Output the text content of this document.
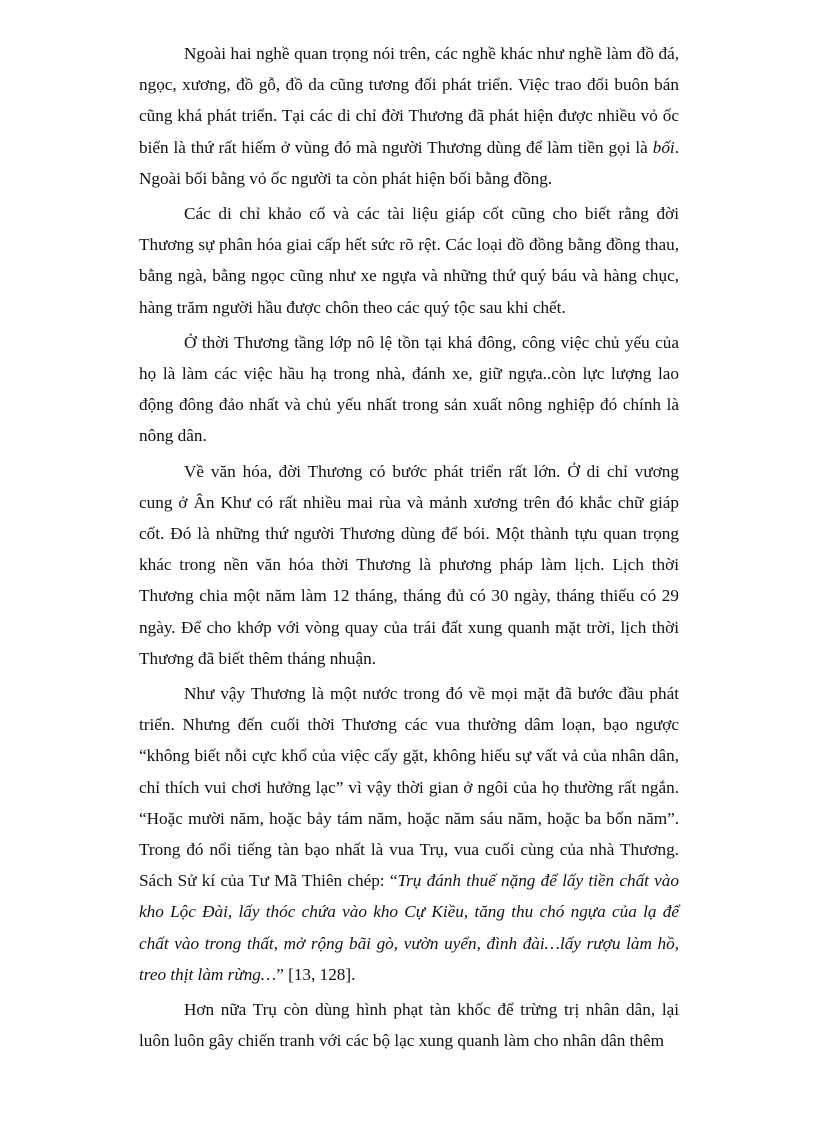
Ngoài hai nghề quan trọng nói trên, các nghề khác như nghề làm đồ đá, ngọc, xương, đồ gỗ, đồ da cũng tương đối phát triển. Việc trao đổi buôn bán cũng khá phát triển. Tại các di chỉ đời Thương đã phát hiện được nhiều vỏ ốc biển là thứ rất hiếm ở vùng đó mà người Thương dùng để làm tiền gọi là bối. Ngoài bối bằng vỏ ốc người ta còn phát hiện bối bằng đồng.

Các di chỉ khảo cổ và các tài liệu giáp cốt cũng cho biết rằng đời Thương sự phân hóa giai cấp hết sức rõ rệt. Các loại đồ đồng bằng đồng thau, bằng ngà, bằng ngọc cũng như xe ngựa và những thứ quý báu và hàng chục, hàng trăm người hầu được chôn theo các quý tộc sau khi chết.

Ở thời Thương tầng lớp nô lệ tồn tại khá đông, công việc chủ yếu của họ là làm các việc hầu hạ trong nhà, đánh xe, giữ ngựa..còn lực lượng lao động đông đảo nhất và chủ yếu nhất trong sản xuất nông nghiệp đó chính là nông dân.

Về văn hóa, đời Thương có bước phát triển rất lớn. Ở di chỉ vương cung ở Ân Khư có rất nhiều mai rùa và mảnh xương trên đó khắc chữ giáp cốt. Đó là những thứ người Thương dùng để bói. Một thành tựu quan trọng khác trong nền văn hóa thời Thương là phương pháp làm lịch. Lịch thời Thương chia một năm làm 12 tháng, tháng đủ có 30 ngày, tháng thiếu có 29 ngày. Để cho khớp với vòng quay của trái đất xung quanh mặt trời, lịch thời Thương đã biết thêm tháng nhuận.

Như vậy Thương là một nước trong đó về mọi mặt đã bước đầu phát triển. Nhưng đến cuối thời Thương các vua thường dâm loạn, bạo ngược “không biết nỗi cực khổ của việc cấy gặt, không hiểu sự vất vả của nhân dân, chỉ thích vui chơi hưởng lạc” vì vậy thời gian ở ngôi của họ thường rất ngắn. “Hoặc mười năm, hoặc bảy tám năm, hoặc năm sáu năm, hoặc ba bốn năm”. Trong đó nổi tiếng tàn bạo nhất là vua Trụ, vua cuối cùng của nhà Thương. Sách Sử kí của Tư Mã Thiên chép: “Trụ đánh thuế nặng để lấy tiền chất vào kho Lộc Đài, lấy thóc chứa vào kho Cự Kiều, tăng thu chó ngựa của lạ để chất vào trong thất, mở rộng bãi gò, vườn uyển, đình đài…lấy rượu làm hồ, treo thịt làm rừng…” [13, 128].

Hơn nữa Trụ còn dùng hình phạt tàn khốc để trừng trị nhân dân, lại luôn luôn gây chiến tranh với các bộ lạc xung quanh làm cho nhân dân thêm
